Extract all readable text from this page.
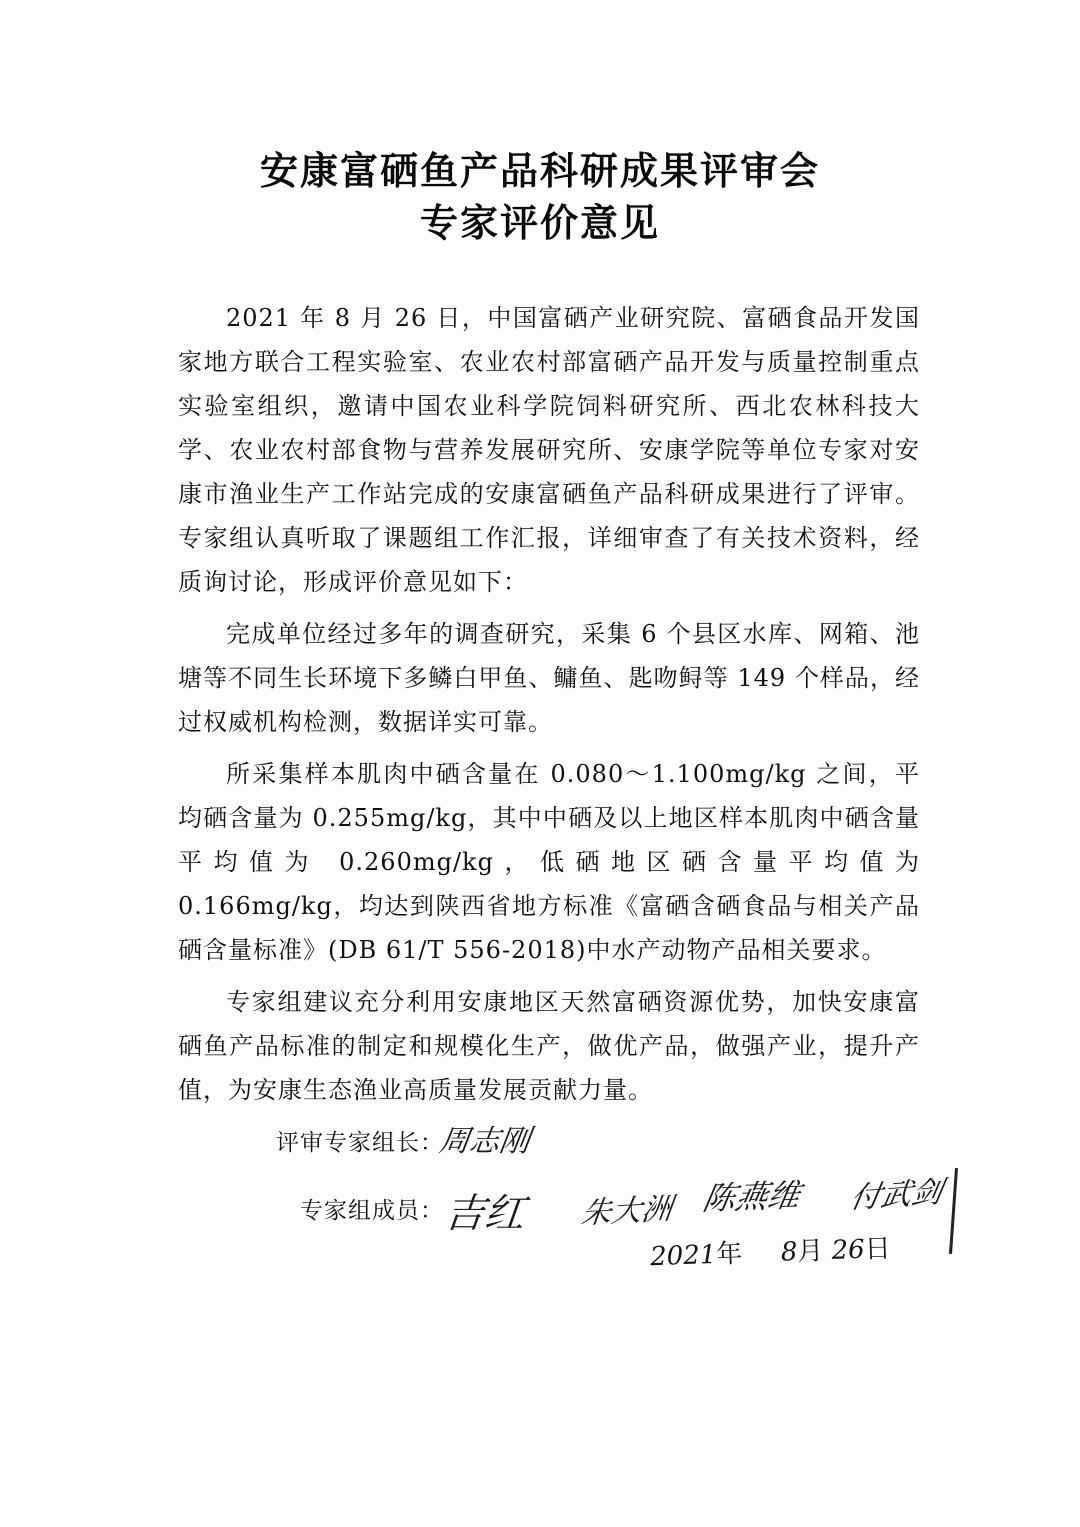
安康富硒鱼产品科研成果评审会
专家评价意见

2021 年 8 月 26 日，中国富硒产业研究院、富硒食品开发国家地方联合工程实验室、农业农村部富硒产品开发与质量控制重点实验室组织，邀请中国农业科学院饲料研究所、西北农林科技大学、农业农村部食物与营养发展研究所、安康学院等单位专家对安康市渔业生产工作站完成的安康富硒鱼产品科研成果进行了评审。专家组认真听取了课题组工作汇报，详细审查了有关技术资料，经质询讨论，形成评价意见如下：

完成单位经过多年的调查研究，采集 6 个县区水库、网箱、池塘等不同生长环境下多鳞白甲鱼、鳙鱼、匙吻鲟等 149 个样品，经过权威机构检测，数据详实可靠。

所采集样本肌肉中硒含量在 0.080～1.100mg/kg 之间，平均硒含量为 0.255mg/kg，其中中硒及以上地区样本肌肉中硒含量平均值为 0.260mg/kg，低硒地区硒含量平均值为 0.166mg/kg，均达到陕西省地方标准《富硒含硒食品与相关产品硒含量标准》(DB 61/T 556-2018)中水产动物产品相关要求。

专家组建议充分利用安康地区天然富硒资源优势，加快安康富硒鱼产品标准的制定和规模化生产，做优产品，做强产业，提升产值，为安康生态渔业高质量发展贡献力量。

评审专家组长：
周志刚
专家组成员：
吉红 朱大洲 陈燕维 付武剑
2021年 8月 26日
